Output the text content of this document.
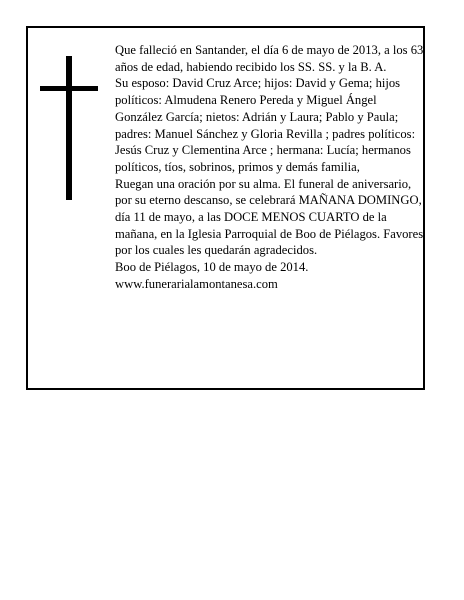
Que falleció en Santander, el día 6 de mayo de 2013, a los 63 años de edad, habiendo recibido los SS. SS. y la B. A.

Su esposo: David Cruz Arce; hijos: David y Gema; hijos políticos: Almudena Renero Pereda y Miguel Ángel González García; nietos: Adrián y Laura; Pablo y Paula; padres: Manuel Sánchez y Gloria Revilla ; padres políticos: Jesús Cruz y Clementina Arce ; hermana: Lucía; hermanos políticos, tíos, sobrinos, primos y demás familia,

Ruegan una oración por su alma. El funeral de aniversario, por su eterno descanso, se celebrará MAÑANA DOMINGO, día 11 de mayo, a las DOCE MENOS CUARTO de la mañana, en la Iglesia Parroquial de Boo de Piélagos. Favores por los cuales les quedarán agradecidos.

Boo de Piélagos, 10 de mayo de 2014.

www.funerarialamontanesa.com
